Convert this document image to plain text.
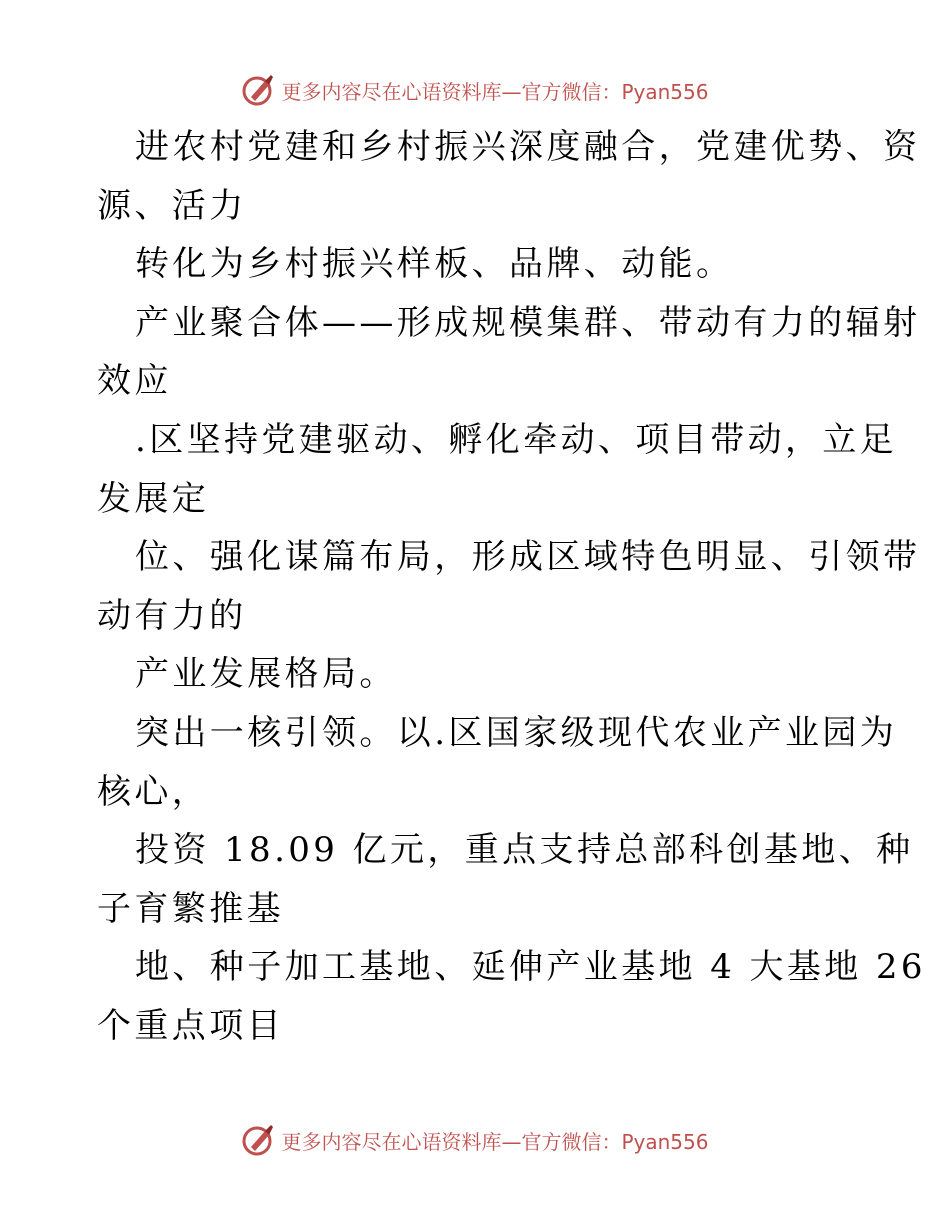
更多内容尽在心语资料库—官方微信：Pyan556
进农村党建和乡村振兴深度融合，党建优势、资
源、活力
转化为乡村振兴样板、品牌、动能。
产业聚合体——形成规模集群、带动有力的辐射
效应
.区坚持党建驱动、孵化牵动、项目带动，立足
发展定
位、强化谋篇布局，形成区域特色明显、引领带
动有力的
产业发展格局。
突出一核引领。以.区国家级现代农业产业园为
核心，
投资 18.09 亿元，重点支持总部科创基地、种
子育繁推基
地、种子加工基地、延伸产业基地 4 大基地 26
个重点项目
更多内容尽在心语资料库—官方微信：Pyan556
